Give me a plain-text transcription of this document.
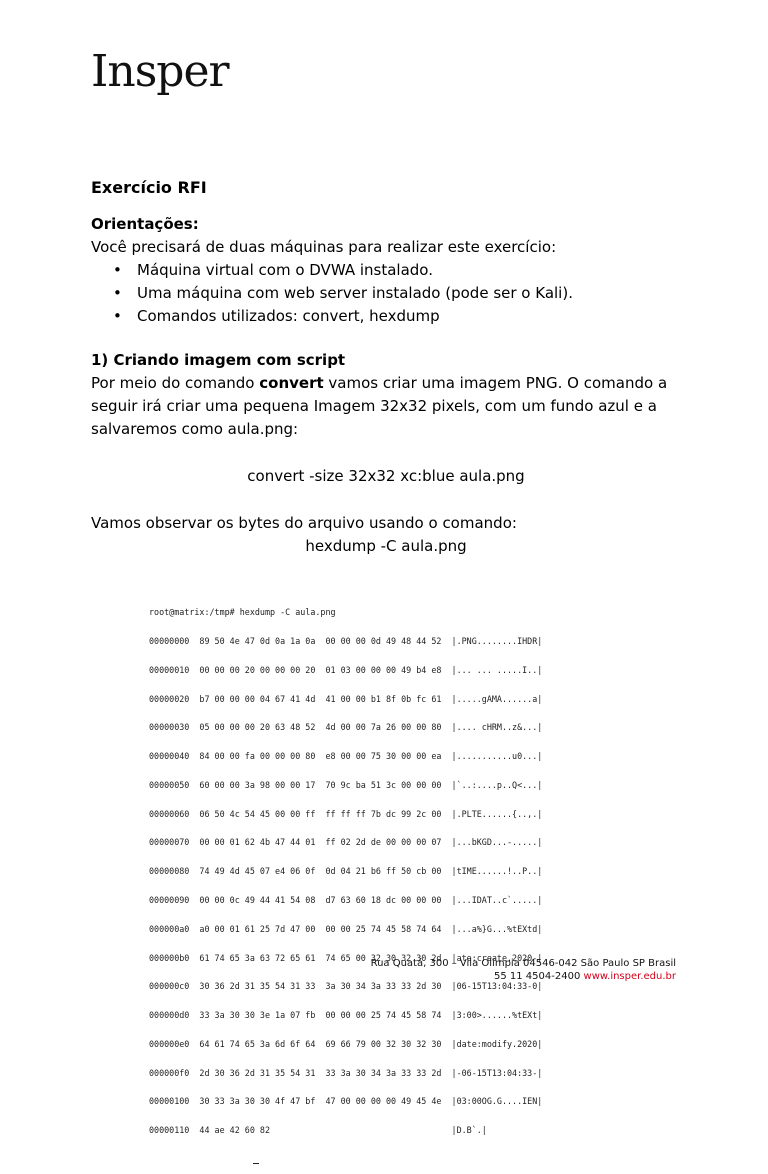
Insper
Exercício RFI

Orientações:

Você precisará de duas máquinas para realizar este exercício:

• Máquina virtual com o DVWA instalado.
• Uma máquina com web server instalado (pode ser o Kali).
• Comandos utilizados: convert, hexdump

1) Criando imagem com script

Por meio do comando convert vamos criar uma imagem PNG. O comando a seguir irá criar uma pequena Imagem 32x32 pixels, com um fundo azul e a salvaremos como aula.png:

convert -size 32x32 xc:blue aula.png

Vamos observar os bytes do arquivo usando o comando:

hexdump -C aula.png

root@matrix:/tmp# hexdump -C aula.png

00000000  89 50 4e 47 0d 0a 1a 0a  00 00 00 0d 49 48 44 52  |.PNG........IHDR|

00000010  00 00 00 20 00 00 00 20  01 03 00 00 00 49 b4 e8  |... ... .....I..|

00000020  b7 00 00 00 04 67 41 4d  41 00 00 b1 8f 0b fc 61  |.....gAMA......a|

00000030  05 00 00 00 20 63 48 52  4d 00 00 7a 26 00 00 80  |.... cHRM..z&...|

00000040  84 00 00 fa 00 00 00 80  e8 00 00 75 30 00 00 ea  |...........u0...|

00000050  60 00 00 3a 98 00 00 17  70 9c ba 51 3c 00 00 00  |`..:....p..Q<...|

00000060  06 50 4c 54 45 00 00 ff  ff ff ff 7b dc 99 2c 00  |.PLTE......{..,.|

00000070  00 00 01 62 4b 47 44 01  ff 02 2d de 00 00 00 07  |...bKGD...-.....|

00000080  74 49 4d 45 07 e4 06 0f  0d 04 21 b6 ff 50 cb 00  |tIME......!..P..|

00000090  00 00 0c 49 44 41 54 08  d7 63 60 18 dc 00 00 00  |...IDAT..c`.....|

000000a0  a0 00 01 61 25 7d 47 00  00 00 25 74 45 58 74 64  |...a%}G...%tEXtd|

000000b0  61 74 65 3a 63 72 65 61  74 65 00 32 30 32 30 2d  |ate:create.2020-|

000000c0  30 36 2d 31 35 54 31 33  3a 30 34 3a 33 33 2d 30  |06-15T13:04:33-0|

000000d0  33 3a 30 30 3e 1a 07 fb  00 00 00 25 74 45 58 74  |3:00>......%tEXt|

000000e0  64 61 74 65 3a 6d 6f 64  69 66 79 00 32 30 32 30  |date:modify.2020|

000000f0  2d 30 36 2d 31 35 54 31  33 3a 30 34 3a 33 33 2d  |-06-15T13:04:33-|

00000100  30 33 3a 30 30 4f 47 bf  47 00 00 00 00 49 45 4e  |03:00OG.G....IEN|

00000110  44 ae 42 60 82                                    |D.B`.|

Rua Quatá, 300 – Vila Olímpia 04546-042 São Paulo SP Brasil
55 11 4504-2400 www.insper.edu.br
